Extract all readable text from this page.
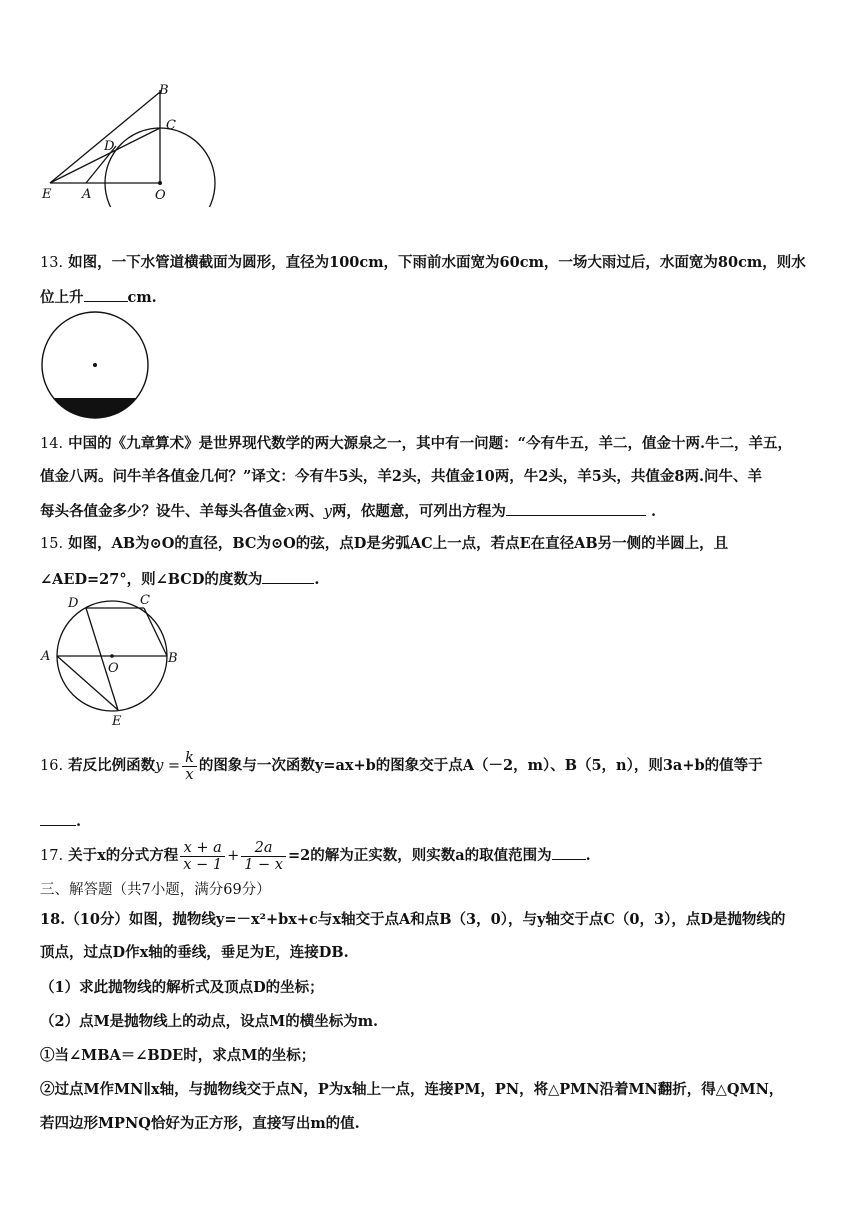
B
C
D
E A	O
13. 如图，一下水管道横截面为圆形，直径为100cm，下雨前水面宽为60cm，一场大雨过后，水面宽为80cm，则水
位上升	cm.
14. 中国的《九章算术》是世界现代数学的两大源泉之一，其中有一问题：“今有牛五，羊二，值金十两.牛二，羊五，
值金八两。问牛羊各值金几何？”译文：今有牛5头，羊2头，共值金10两，牛2头，羊5头，共值金8两.问牛、羊
每头各值金多少？设牛、羊每头各值金x两、y两，依题意，可列出方程为	.
15. 如图，AB为⊙O的直径，BC为⊙O的弦，点D是劣弧AC上一点，若点E在直径AB另一侧的半圆上，且
∠AED=27°，则∠BCD的度数为	.
D	C
A
O
B
E
16. 若反比例函数$y = \frac{k}{x}$ 的图象与一次函数y=ax+b的图象交于点A（－2，m）、B（5，n），则3a+b的值等于
.
17. 关于x的分式方程 $\frac{x + a}{x - 1} + \frac{2a}{1 - x} =2$的解为正实数，则实数a的取值范围为 .
三、解答题（共7小题，满分69分）
18.（10分）如图，抛物线y=－x²+bx+c与x轴交于点A和点B（3，0），与y轴交于点C（0，3），点D是抛物线的
顶点，过点D作x轴的垂线，垂足为E，连接DB.
（1）求此抛物线的解析式及顶点D的坐标；
（2）点M是抛物线上的动点，设点M的横坐标为m.
①当∠MBA＝∠BDE时，求点M的坐标；
②过点M作MN∥x轴，与抛物线交于点N，P为x轴上一点，连接PM，PN，将△PMN沿着MN翻折，得△QMN，
若四边形MPNQ恰好为正方形，直接写出m的值.
